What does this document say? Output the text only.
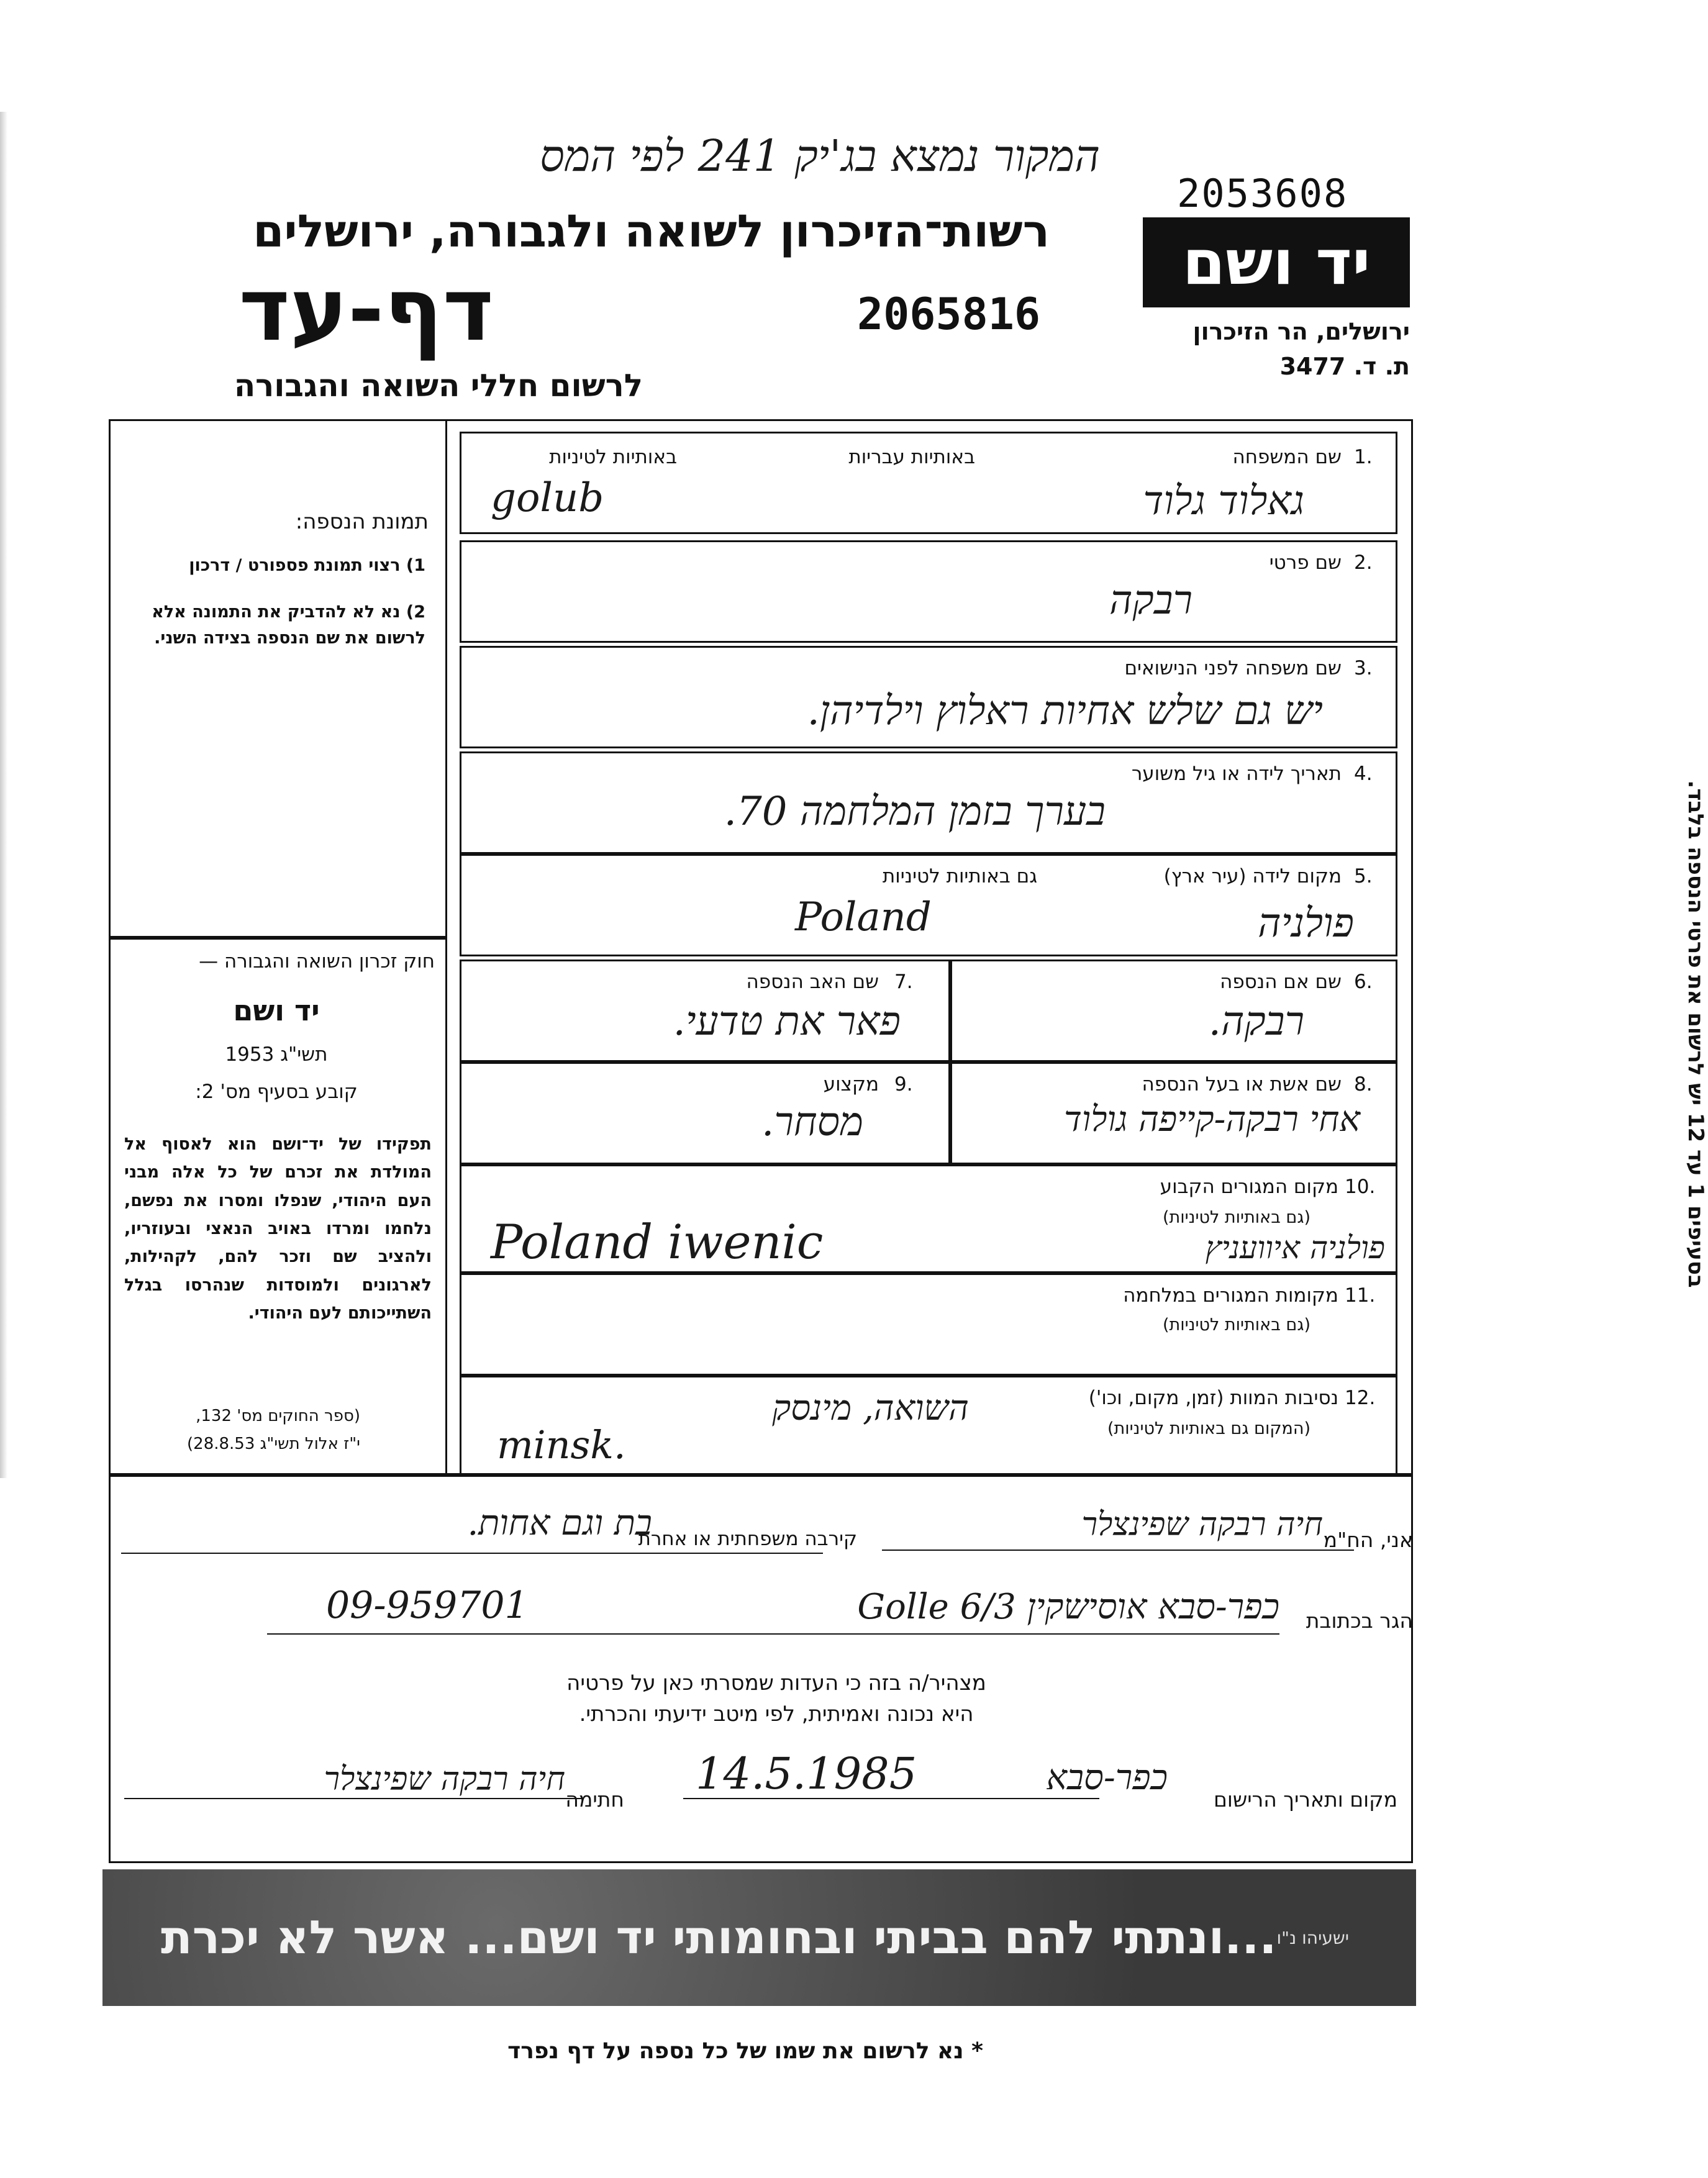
המקור נמצא בג'יק 241 לפי המס
2053608
2065816
רשות־הזיכרון לשואה ולגבורה, ירושלים
דף-עד
לרשום חללי השואה והגבורה
יד ושם
ירושלים, הר הזיכרון
ת. ד. 3477
תמונת הנספה:
1) רצוי תמונת פספורט / דרכון
2) נא לא להדביק את התמונה אלא לרשום את שם הנספה בצידה השני.
חוק זכרון השואה והגבורה —
יד ושם
תשי"ג 1953
קובע בסעיף מס' 2:
תפקידו של יד־ושם הוא לאסוף אל המולדת את זכרם של כל אלה מבני העם היהודי, שנפלו ומסרו את נפשם, נלחמו ומרדו באויב הנאצי ובעוזריו, ולהציב שם וזכר להם, לקהילות, לארגונים ולמוסדות שנהרסו בגלל השתייכותם לעם היהודי.
(ספר החוקים מס' 132,
י"ז אלול תשי"ג 28.8.53)
1.
שם המשפחה
באותיות עבריות
באותיות לטיניות
גאלוד גלוד
golub
2.
שם פרטי
רבקה
3.
שם משפחה לפני הנישואים
יש גם שלש אחיות ראלוץ וילדיהן.
4.
תאריך לידה או גיל משוער
בערך בזמן המלחמה 70.
5.
מקום לידה (עיר ארץ)
גם באותיות לטיניות
פולניה
Poland
6.
שם אם הנספה
רבקה.
7.
שם האב הנספה
פאר את טדעי.
8.
שם אשת או בעל הנספה
אחי רבקה-קייפה גולוד
9.
מקצוע
מסחר.
10.
מקום המגורים הקבוע
(גם באותיות לטיניות)
פולניה איוועניץ
Poland iwenic
11.
מקומות המגורים במלחמה
(גם באותיות לטיניות)
12.
נסיבות המוות (זמן, מקום, וכו')
(המקום גם באותיות לטיניות)
השואה, מינסק
minsk.
בסעיפים 1 עד 12 יש לרשום את פרטי הנספה בלבד.
אני, הח"מ
חיה רבקה שפינצלר
קירבה משפחתית או אחרת
בת וגם אחות.
הגר בכתובת
כפר-סבא אוסישקין 6/3 Golle
09-959701
מצהיר/ה בזה כי העדות שמסרתי כאן על פרטיה
היא נכונה ואמיתית, לפי מיטב ידיעתי והכרתי.
מקום ותאריך הרישום
כפר-סבא
14.5.1985
חתימה
חיה רבקה שפינצלר
...ונתתי להם בביתי ובחומותי יד ושם... אשר לא יכרת ישעיהו נ"ו
* נא לרשום את שמו של כל נספה על דף נפרד
